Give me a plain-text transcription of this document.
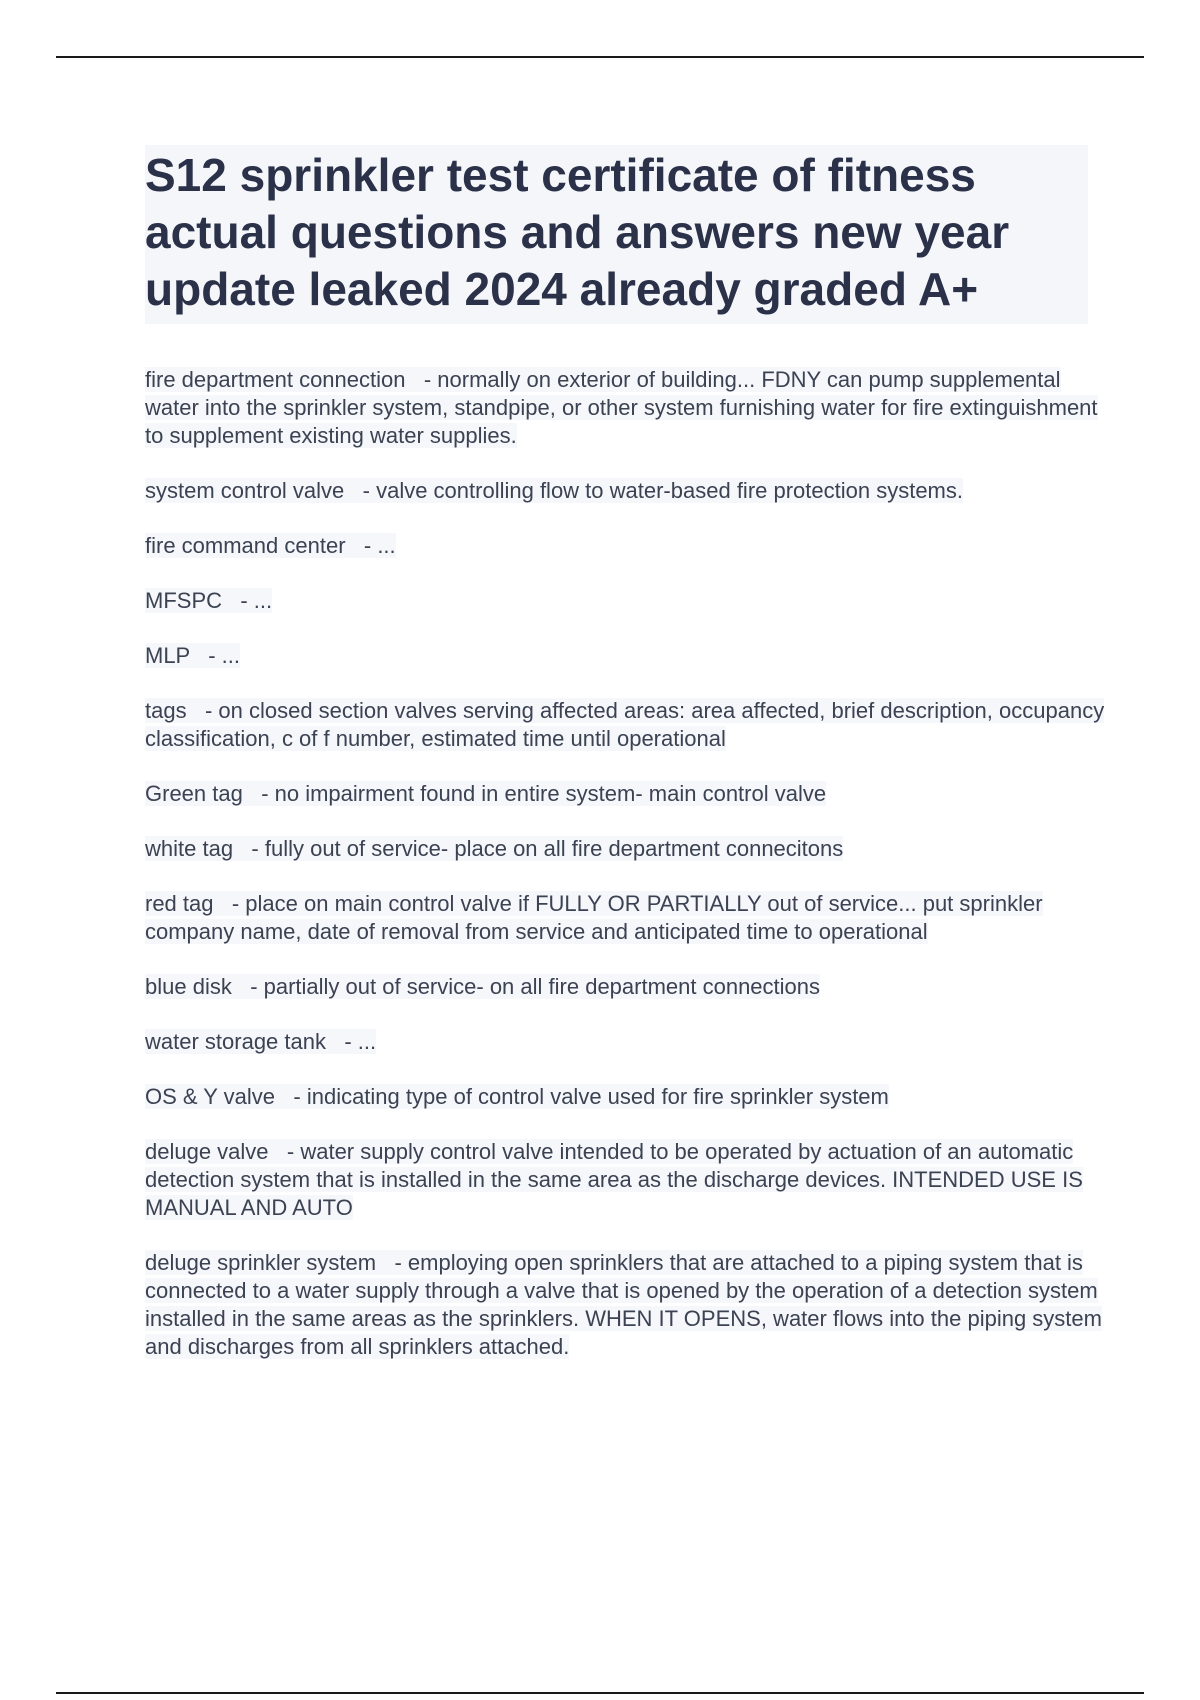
S12 sprinkler test certificate of fitness actual questions and answers new year update leaked 2024 already graded A+

fire department connection - normally on exterior of building... FDNY can pump supplemental water into the sprinkler system, standpipe, or other system furnishing water for fire extinguishment to supplement existing water supplies.

system control valve - valve controlling flow to water-based fire protection systems.

fire command center - ...

MFSPC - ...

MLP - ...

tags - on closed section valves serving affected areas: area affected, brief description, occupancy classification, c of f number, estimated time until operational

Green tag - no impairment found in entire system- main control valve

white tag - fully out of service- place on all fire department connecitons

red tag - place on main control valve if FULLY OR PARTIALLY out of service... put sprinkler company name, date of removal from service and anticipated time to operational

blue disk - partially out of service- on all fire department connections

water storage tank - ...

OS & Y valve - indicating type of control valve used for fire sprinkler system

deluge valve - water supply control valve intended to be operated by actuation of an automatic detection system that is installed in the same area as the discharge devices. INTENDED USE IS MANUAL AND AUTO

deluge sprinkler system - employing open sprinklers that are attached to a piping system that is connected to a water supply through a valve that is opened by the operation of a detection system installed in the same areas as the sprinklers. WHEN IT OPENS, water flows into the piping system and discharges from all sprinklers attached.
